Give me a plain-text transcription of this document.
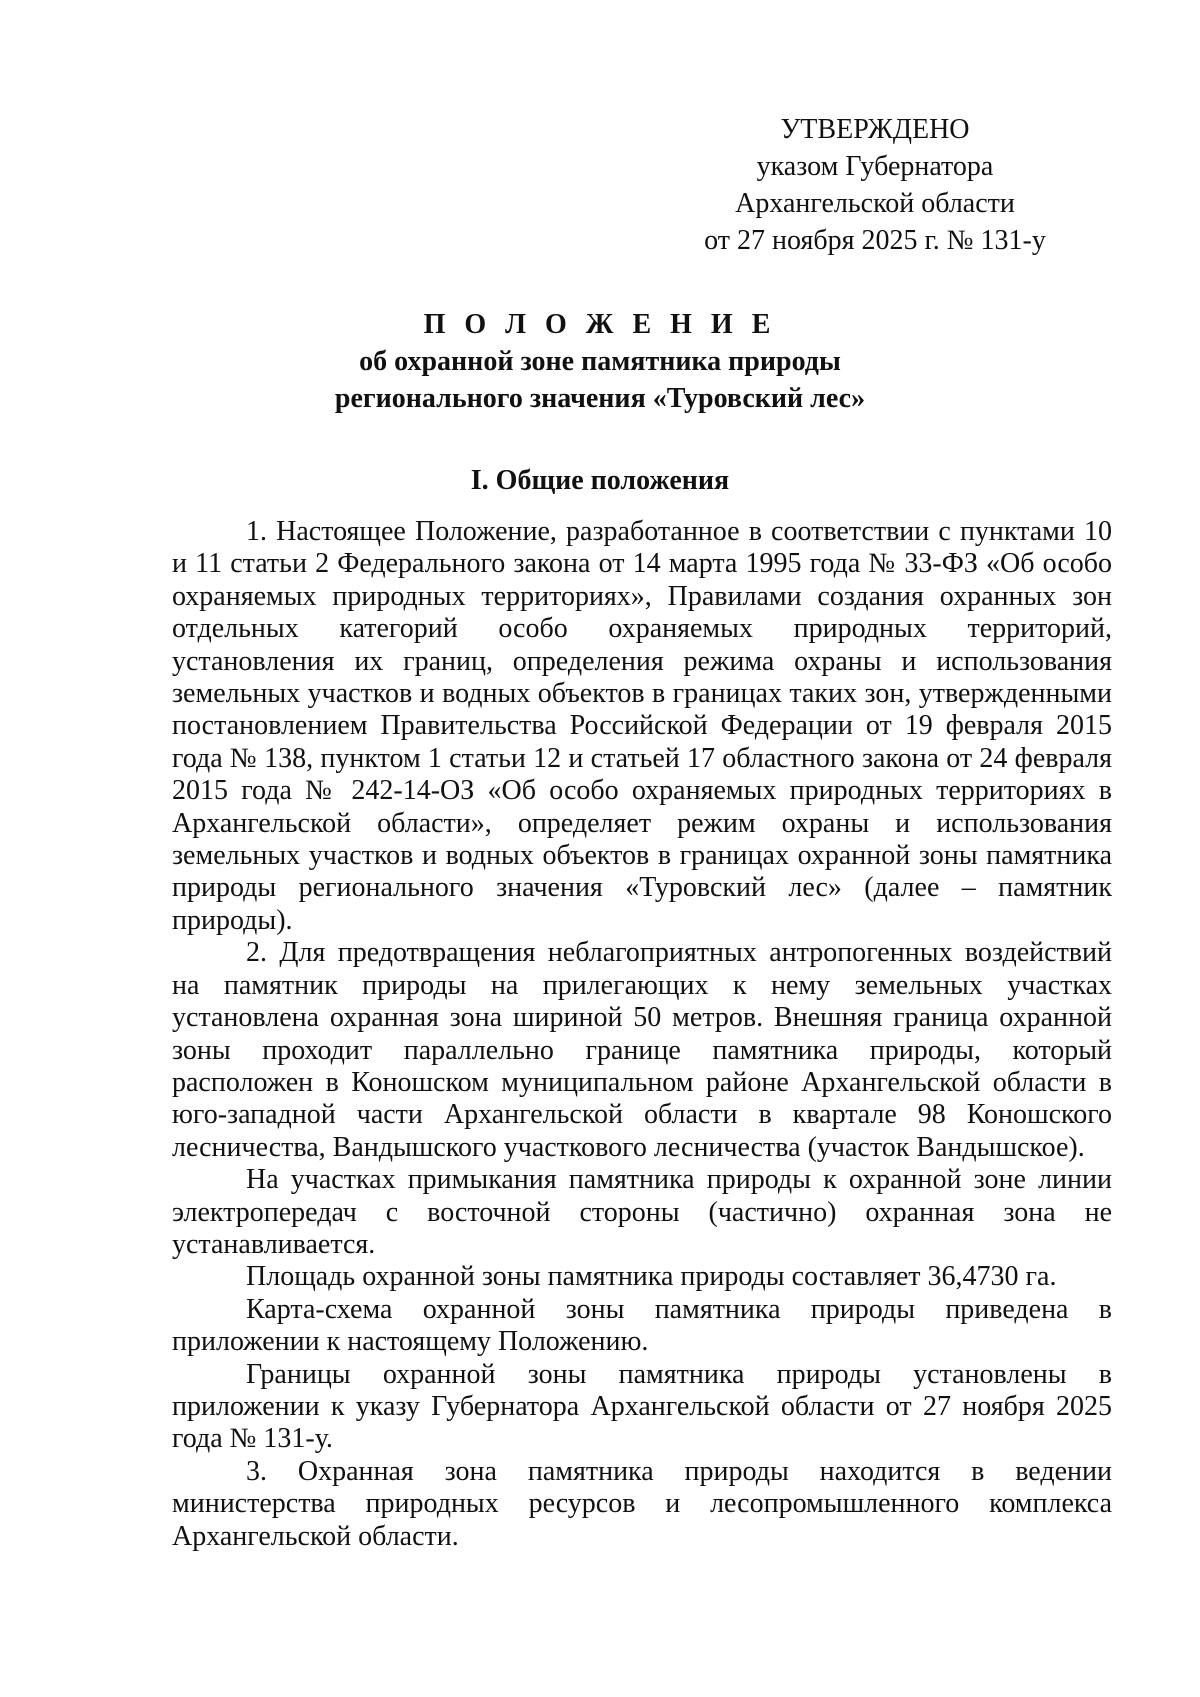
УТВЕРЖДЕНО
указом Губернатора
Архангельской области
от 27 ноября 2025 г. № 131-у
П О Л О Ж Е Н И Е
об охранной зоне памятника природы
регионального значения «Туровский лес»
I. Общие положения

1. Настоящее Положение, разработанное в соответствии с пунктами 10 и 11 статьи 2 Федерального закона от 14 марта 1995 года № 33-ФЗ «Об особо охраняемых природных территориях», Правилами создания охранных зон отдельных категорий особо охраняемых природных территорий, установления их границ, определения режима охраны и использования земельных участков и водных объектов в границах таких зон, утвержденными постановлением Правительства Российской Федерации от 19 февраля 2015 года № 138, пунктом 1 статьи 12 и статьей 17 областного закона от 24 февраля 2015 года № 242-14-ОЗ «Об особо охраняемых природных территориях в Архангельской области», определяет режим охраны и использования земельных участков и водных объектов в границах охранной зоны памятника природы регионального значения «Туровский лес» (далее – памятник природы).

2. Для предотвращения неблагоприятных антропогенных воздействий на памятник природы на прилегающих к нему земельных участках установлена охранная зона шириной 50 метров. Внешняя граница охранной зоны проходит параллельно границе памятника природы, который расположен в Коношском муниципальном районе Архангельской области в юго-западной части Архангельской области в квартале 98 Коношского лесничества, Вандышского участкового лесничества (участок Вандышское).

На участках примыкания памятника природы к охранной зоне линии электропередач с восточной стороны (частично) охранная зона не устанавливается.

Площадь охранной зоны памятника природы составляет 36,4730 га.

Карта-схема охранной зоны памятника природы приведена в приложении к настоящему Положению.

Границы охранной зоны памятника природы установлены в приложении к указу Губернатора Архангельской области от 27 ноября 2025 года № 131-у.

3. Охранная зона памятника природы находится в ведении министерства природных ресурсов и лесопромышленного комплекса Архангельской области.
